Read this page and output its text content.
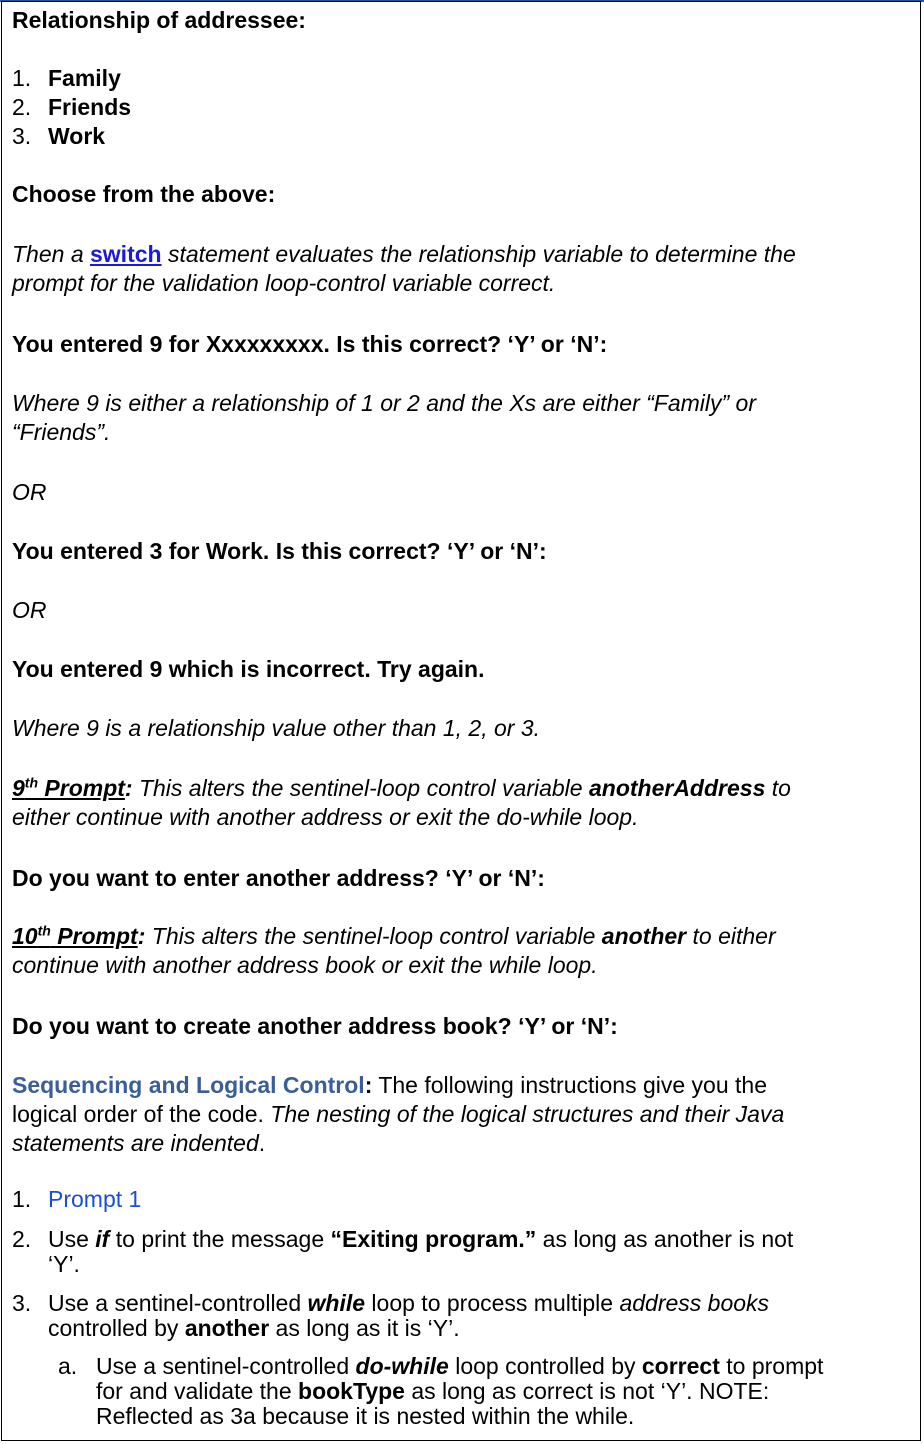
Relationship of addressee:
1. Family
2. Friends
3. Work
Choose from the above:
Then a switch statement evaluates the relationship variable to determine the
prompt for the validation loop-control variable correct.
You entered 9 for Xxxxxxxxx. Is this correct? ‘Y’ or ‘N’:
Where 9 is either a relationship of 1 or 2 and the Xs are either “Family” or
“Friends”.
OR
You entered 3 for Work. Is this correct? ‘Y’ or ‘N’:
OR
You entered 9 which is incorrect. Try again.
Where 9 is a relationship value other than 1, 2, or 3.
9th Prompt: This alters the sentinel-loop control variable anotherAddress to
either continue with another address or exit the do-while loop.
Do you want to enter another address? ‘Y’ or ‘N’:
10th Prompt: This alters the sentinel-loop control variable another to either
continue with another address book or exit the while loop.
Do you want to create another address book? ‘Y’ or ‘N’:
Sequencing and Logical Control: The following instructions give you the
logical order of the code. The nesting of the logical structures and their Java
statements are indented.
1. Prompt 1
2. Use if to print the message “Exiting program.” as long as another is not
‘Y’.
3. Use a sentinel-controlled while loop to process multiple address books
controlled by another as long as it is ‘Y’.
a. Use a sentinel-controlled do-while loop controlled by correct to prompt
for and validate the bookType as long as correct is not ‘Y’. NOTE:
Reflected as 3a because it is nested within the while.
